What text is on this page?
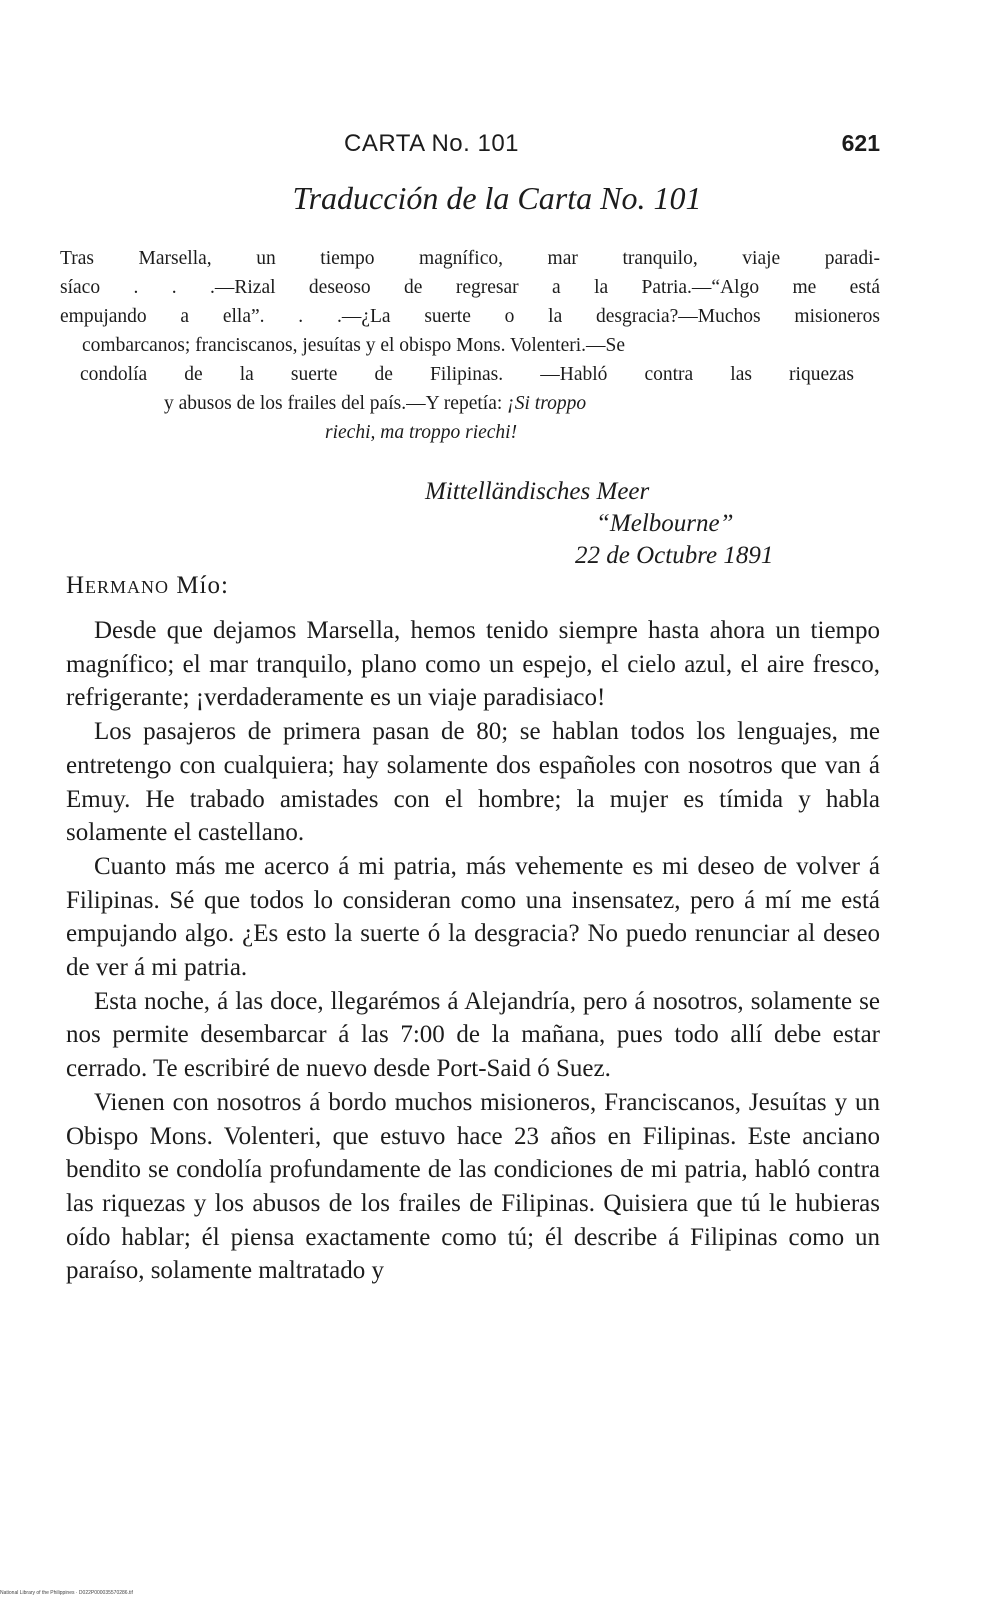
CARTA No. 101	621
Traducción de la Carta No. 101
Tras Marsella, un tiempo magnífico, mar tranquilo, viaje paradi-
síaco . . .—Rizal deseoso de regresar a la Patria.—“Algo me está
empujando a ella”. . .—¿La suerte o la desgracia?—Muchos misioneros
combarcanos; franciscanos, jesuítas y el obispo Mons. Volenteri.—Se
condolía de la suerte de Filipinas. —Habló contra las riquezas
y abusos de los frailes del país.—Y repetía: ¡Si troppo
riechi, ma troppo riechi!
Mittelländisches Meer
“Melbourne”
22 de Octubre 1891
Hermano Mío:

Desde que dejamos Marsella, hemos tenido siempre hasta ahora un tiempo magnífico; el mar tranquilo, plano como un espejo, el cielo azul, el aire fresco, refrigerante; ¡verdaderamente es un viaje paradisiaco!

Los pasajeros de primera pasan de 80; se hablan todos los lenguajes, me entretengo con cualquiera; hay solamente dos españoles con nosotros que van á Emuy. He trabado amistades con el hombre; la mujer es tímida y habla solamente el castellano.

Cuanto más me acerco á mi patria, más vehemente es mi deseo de volver á Filipinas. Sé que todos lo consideran como una insensatez, pero á mí me está empujando algo. ¿Es esto la suerte ó la desgracia? No puedo renunciar al deseo de ver á mi patria.

Esta noche, á las doce, llegarémos á Alejandría, pero á nosotros, solamente se nos permite desembarcar á las 7:00 de la mañana, pues todo allí debe estar cerrado. Te escribiré de nuevo desde Port-Said ó Suez.

Vienen con nosotros á bordo muchos misioneros, Franciscanos, Jesuítas y un Obispo Mons. Volenteri, que estuvo hace 23 años en Filipinas. Este anciano bendito se condolía profundamente de las condiciones de mi patria, habló contra las riquezas y los abusos de los frailes de Filipinas. Quisiera que tú le hubieras oído hablar; él piensa exactamente como tú; él describe á Filipinas como un paraíso, solamente maltratado y

National Library of the Philippines · D022P000035570286.tif
